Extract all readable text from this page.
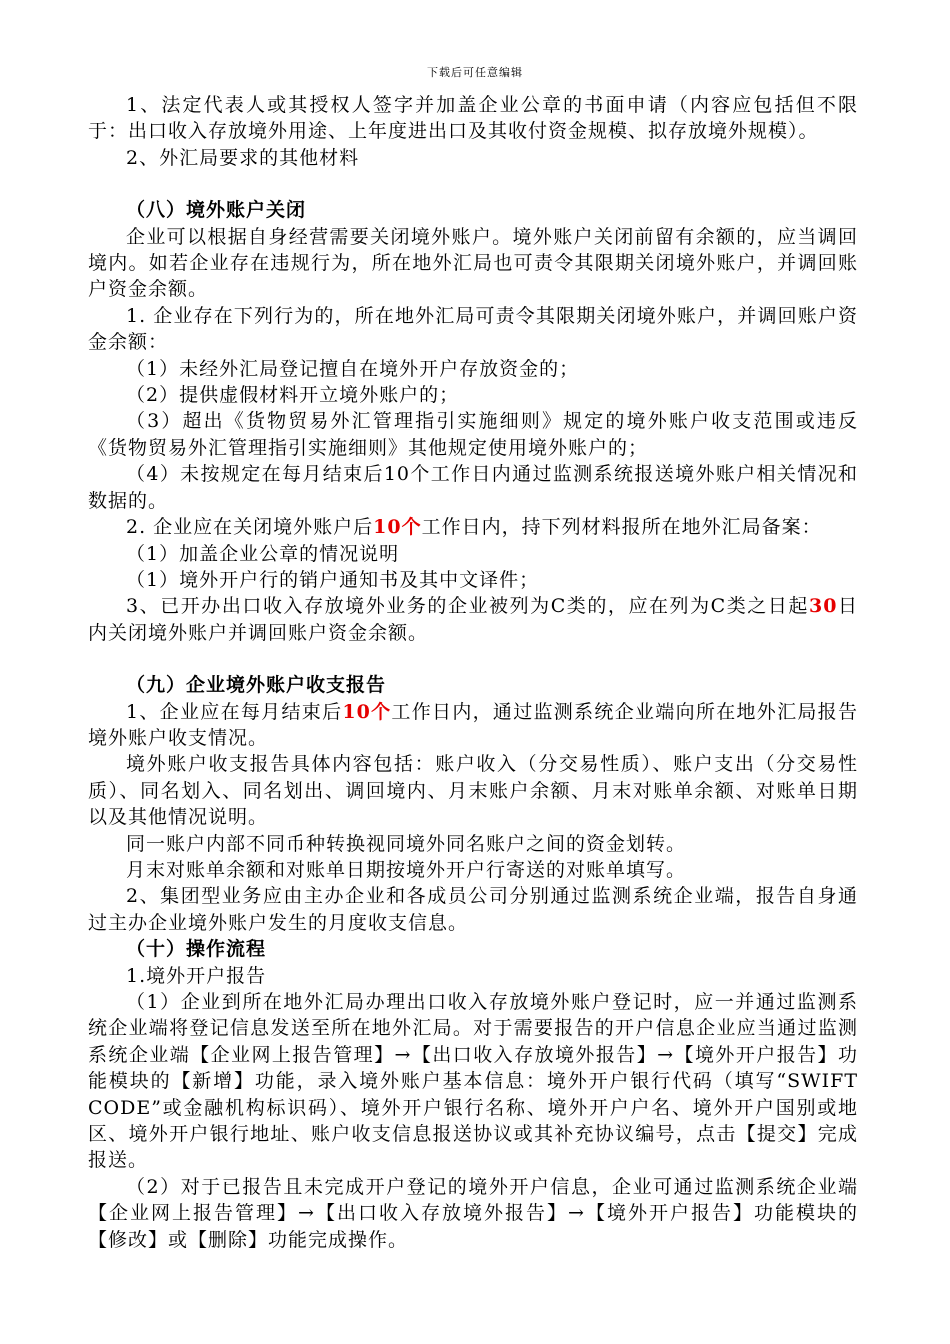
下载后可任意编辑

1、法定代表人或其授权人签字并加盖企业公章的书面申请（内容应包括但不限于：出口收入存放境外用途、上年度进出口及其收付资金规模、拟存放境外规模）。

2、外汇局要求的其他材料

（八）境外账户关闭

企业可以根据自身经营需要关闭境外账户。境外账户关闭前留有余额的，应当调回境内。如若企业存在违规行为，所在地外汇局也可责令其限期关闭境外账户，并调回账户资金余额。

1. 企业存在下列行为的，所在地外汇局可责令其限期关闭境外账户，并调回账户资金余额：

（1）未经外汇局登记擅自在境外开户存放资金的；

（2）提供虚假材料开立境外账户的；

（3）超出《货物贸易外汇管理指引实施细则》规定的境外账户收支范围或违反《货物贸易外汇管理指引实施细则》其他规定使用境外账户的；

（4）未按规定在每月结束后10个工作日内通过监测系统报送境外账户相关情况和数据的。

2. 企业应在关闭境外账户后10个工作日内，持下列材料报所在地外汇局备案：

（1）加盖企业公章的情况说明

（1）境外开户行的销户通知书及其中文译件；

3、已开办出口收入存放境外业务的企业被列为C类的，应在列为C类之日起30日内关闭境外账户并调回账户资金余额。

（九）企业境外账户收支报告

1、企业应在每月结束后10个工作日内，通过监测系统企业端向所在地外汇局报告境外账户收支情况。

境外账户收支报告具体内容包括：账户收入（分交易性质）、账户支出（分交易性质）、同名划入、同名划出、调回境内、月末账户余额、月末对账单余额、对账单日期以及其他情况说明。

同一账户内部不同币种转换视同境外同名账户之间的资金划转。

月末对账单余额和对账单日期按境外开户行寄送的对账单填写。

2、集团型业务应由主办企业和各成员公司分别通过监测系统企业端，报告自身通过主办企业境外账户发生的月度收支信息。

（十）操作流程

1.境外开户报告

（1）企业到所在地外汇局办理出口收入存放境外账户登记时，应一并通过监测系统企业端将登记信息发送至所在地外汇局。对于需要报告的开户信息企业应当通过监测系统企业端【企业网上报告管理】→【出口收入存放境外报告】→【境外开户报告】功能模块的【新增】功能，录入境外账户基本信息：境外开户银行代码（填写“SWIFT CODE”或金融机构标识码）、境外开户银行名称、境外开户户名、境外开户国别或地区、境外开户银行地址、账户收支信息报送协议或其补充协议编号，点击【提交】完成报送。

（2）对于已报告且未完成开户登记的境外开户信息，企业可通过监测系统企业端【企业网上报告管理】→【出口收入存放境外报告】→【境外开户报告】功能模块的【修改】或【删除】功能完成操作。
